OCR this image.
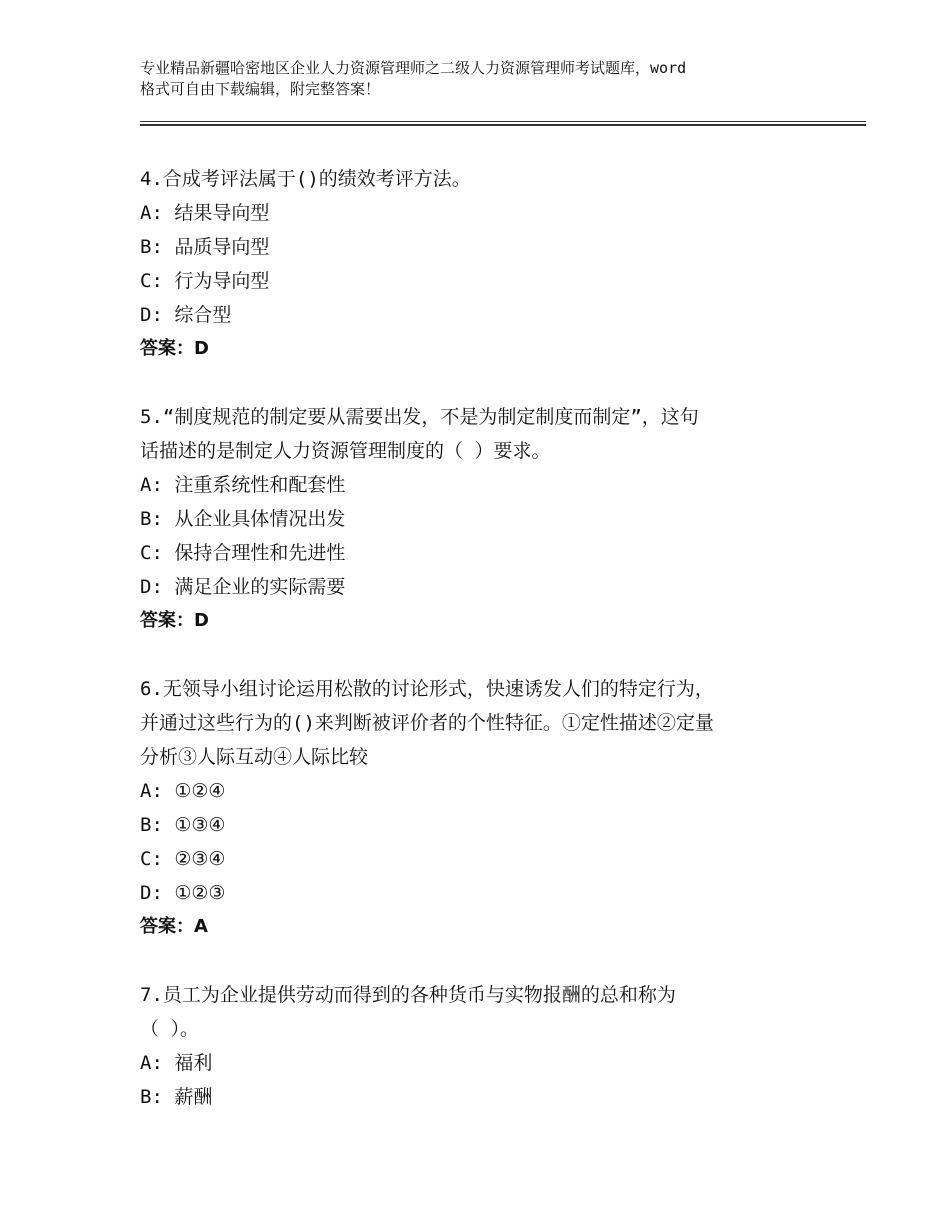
专业精品新疆哈密地区企业人力资源管理师之二级人力资源管理师考试题库，word
格式可自由下载编辑，附完整答案！
4.合成考评法属于()的绩效考评方法。
A: 结果导向型
B: 品质导向型
C: 行为导向型
D: 综合型
答案：D
5.“制度规范的制定要从需要出发，不是为制定制度而制定”，这句
话描述的是制定人力资源管理制度的（ ）要求。
A: 注重系统性和配套性
B: 从企业具体情况出发
C: 保持合理性和先进性
D: 满足企业的实际需要
答案：D
6.无领导小组讨论运用松散的讨论形式，快速诱发人们的特定行为，
并通过这些行为的()来判断被评价者的个性特征。①定性描述②定量
分析③人际互动④人际比较
A: ①②④
B: ①③④
C: ②③④
D: ①②③
答案：A
7.员工为企业提供劳动而得到的各种货币与实物报酬的总和称为
（ ）。
A: 福利
B: 薪酬
